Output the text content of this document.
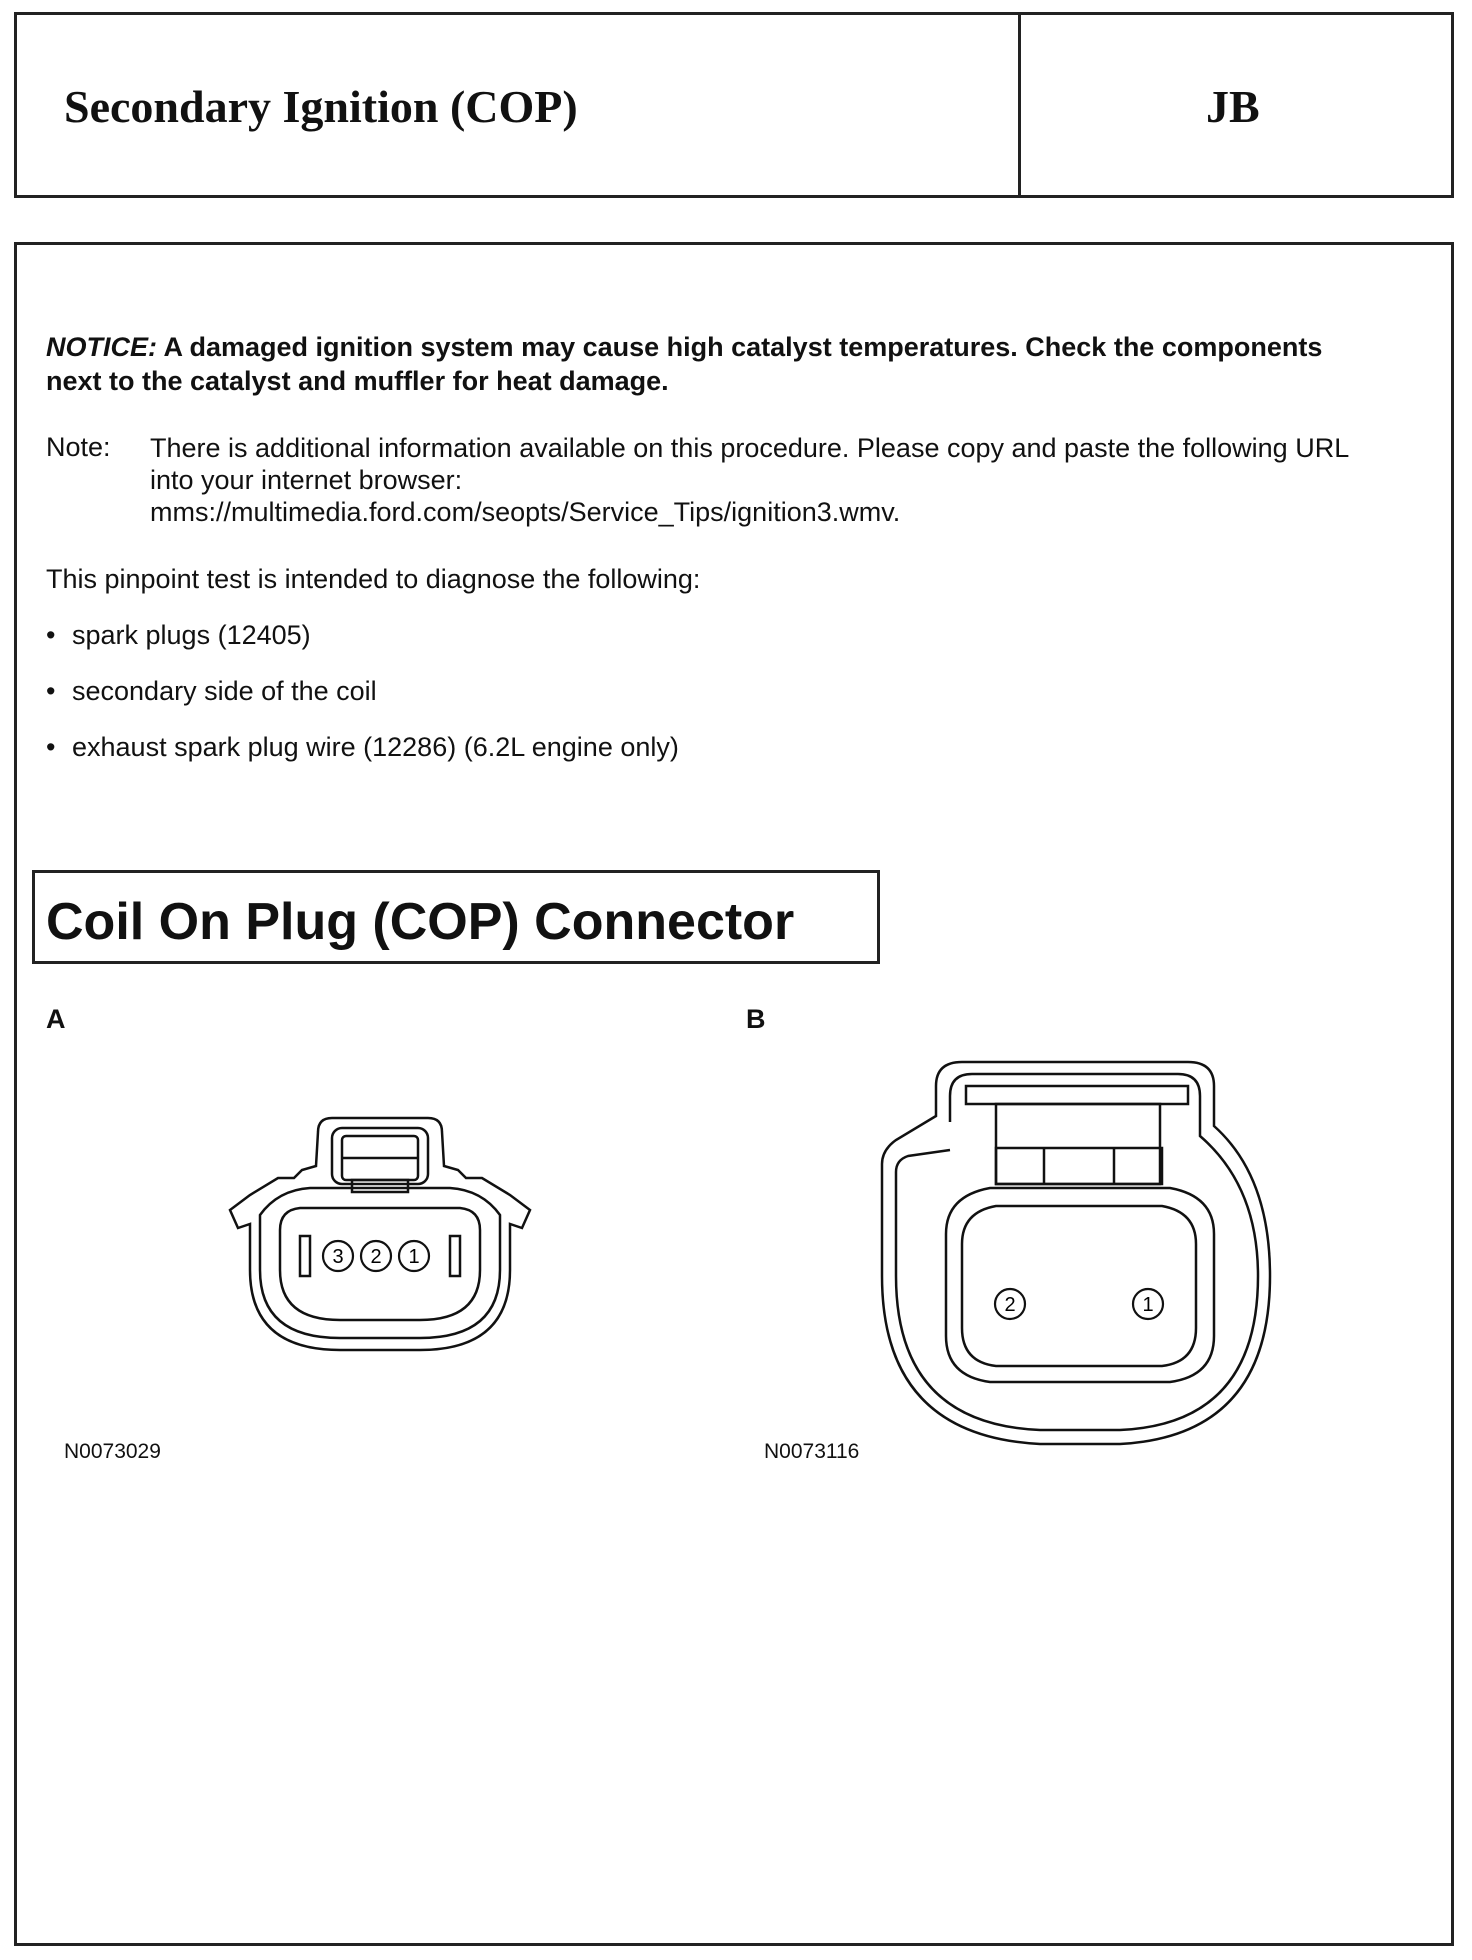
Secondary Ignition (COP)	JB
NOTICE: A damaged ignition system may cause high catalyst temperatures. Check the components next to the catalyst and muffler for heat damage.
Note: There is additional information available on this procedure. Please copy and paste the following URL into your internet browser:
mms://multimedia.ford.com/seopts/Service_Tips/ignition3.wmv.
This pinpoint test is intended to diagnose the following:
• spark plugs (12405)
• secondary side of the coil
• exhaust spark plug wire (12286) (6.2L engine only)
Coil On Plug (COP) Connector
A	B
3 2 1
2	1
N0073029	N0073116
